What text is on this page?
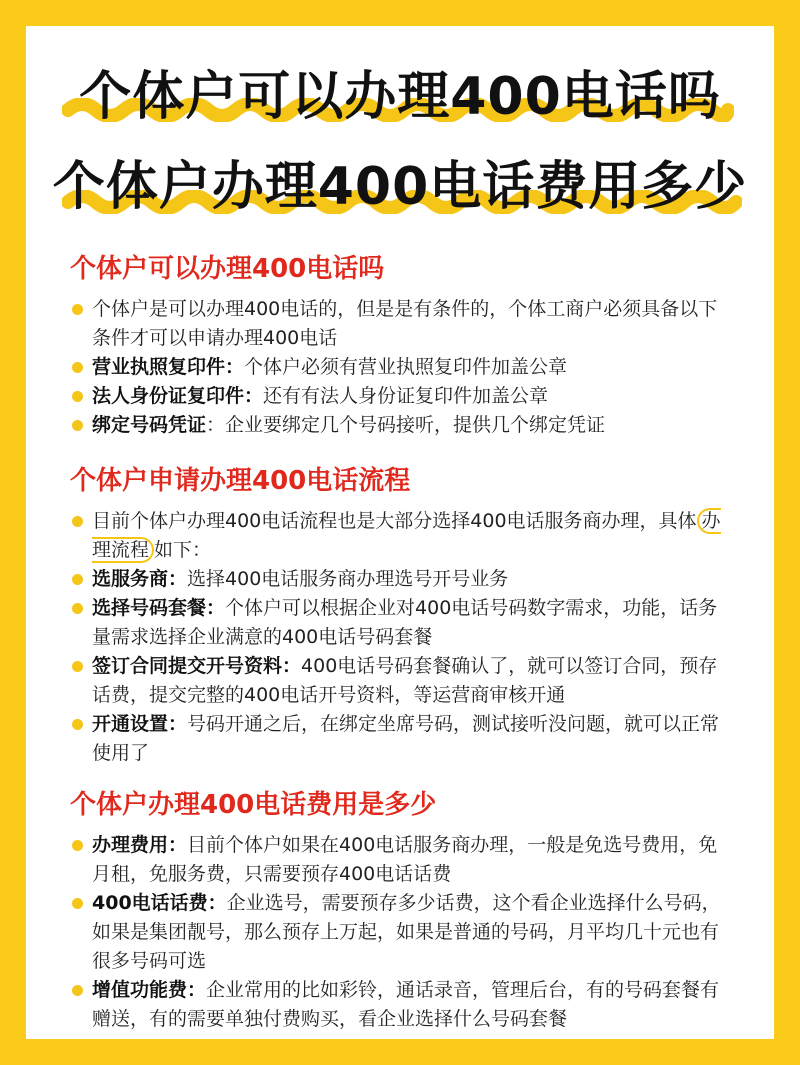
个体户可以办理400电话吗
个体户办理400电话费用多少
个体户可以办理400电话吗
个体户是可以办理400电话的，但是是有条件的，个体工商户必须具备以下条件才可以申请办理400电话
营业执照复印件：个体户必须有营业执照复印件加盖公章
法人身份证复印件：还有有法人身份证复印件加盖公章
绑定号码凭证：企业要绑定几个号码接听，提供几个绑定凭证
个体户申请办理400电话流程
目前个体户办理400电话流程也是大部分选择400电话服务商办理，具体 办理流程 如下：
选服务商：选择400电话服务商办理选号开号业务
选择号码套餐：个体户可以根据企业对400电话号码数字需求，功能，话务量需求选择企业满意的400电话号码套餐
签订合同提交开号资料：400电话号码套餐确认了，就可以签订合同，预存话费，提交完整的400电话开号资料，等运营商审核开通
开通设置：号码开通之后，在绑定坐席号码，测试接听没问题，就可以正常使用了
个体户办理400电话费用是多少
办理费用：目前个体户如果在400电话服务商办理，一般是免选号费用，免月租，免服务费，只需要预存400电话话费
400电话话费：企业选号，需要预存多少话费，这个看企业选择什么号码，如果是集团靓号，那么预存上万起，如果是普通的号码，月平均几十元也有很多号码可选
增值功能费：企业常用的比如彩铃，通话录音，管理后台，有的号码套餐有赠送，有的需要单独付费购买，看企业选择什么号码套餐
